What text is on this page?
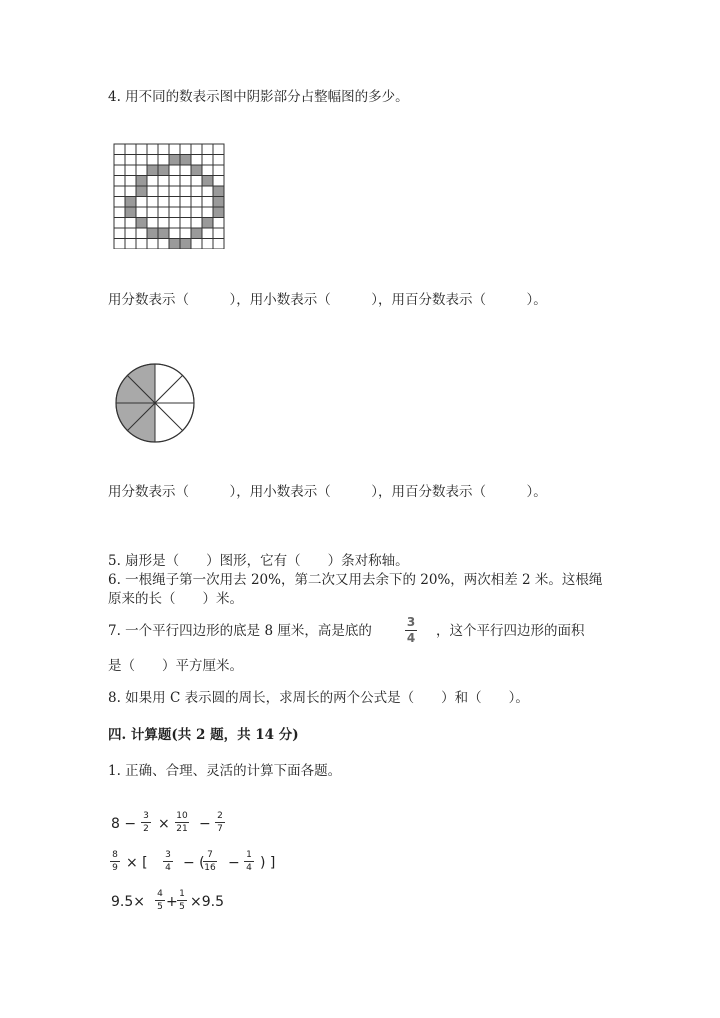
4. 用不同的数表示图中阴影部分占整幅图的多少。
用分数表示（　　　），用小数表示（　　　），用百分数表示（　　　）。
用分数表示（　　　），用小数表示（　　　），用百分数表示（　　　）。
5. 扇形是（　　）图形，它有（　　）条对称轴。
6. 一根绳子第一次用去 20%，第二次又用去余下的 20%，两次相差 2 米。这根绳
原来的长（　　）米。
7. 一个平行四边形的底是 8 厘米，高是底的
3
4 ，这个平行四边形的面积
是（　　）平方厘米。
8. 如果用 C 表示圆的周长，求周长的两个公式是（　　）和（　　）。
四. 计算题(共 2 题，共 14 分)
1. 正确、合理、灵活的计算下面各题。
8 − 3
2 × 10
21 − 2
7
8
9 × [ 3
4 − ( 7
16 − 1
4 ) ]
9.5× 4
5 + 1
5 ×9.5
